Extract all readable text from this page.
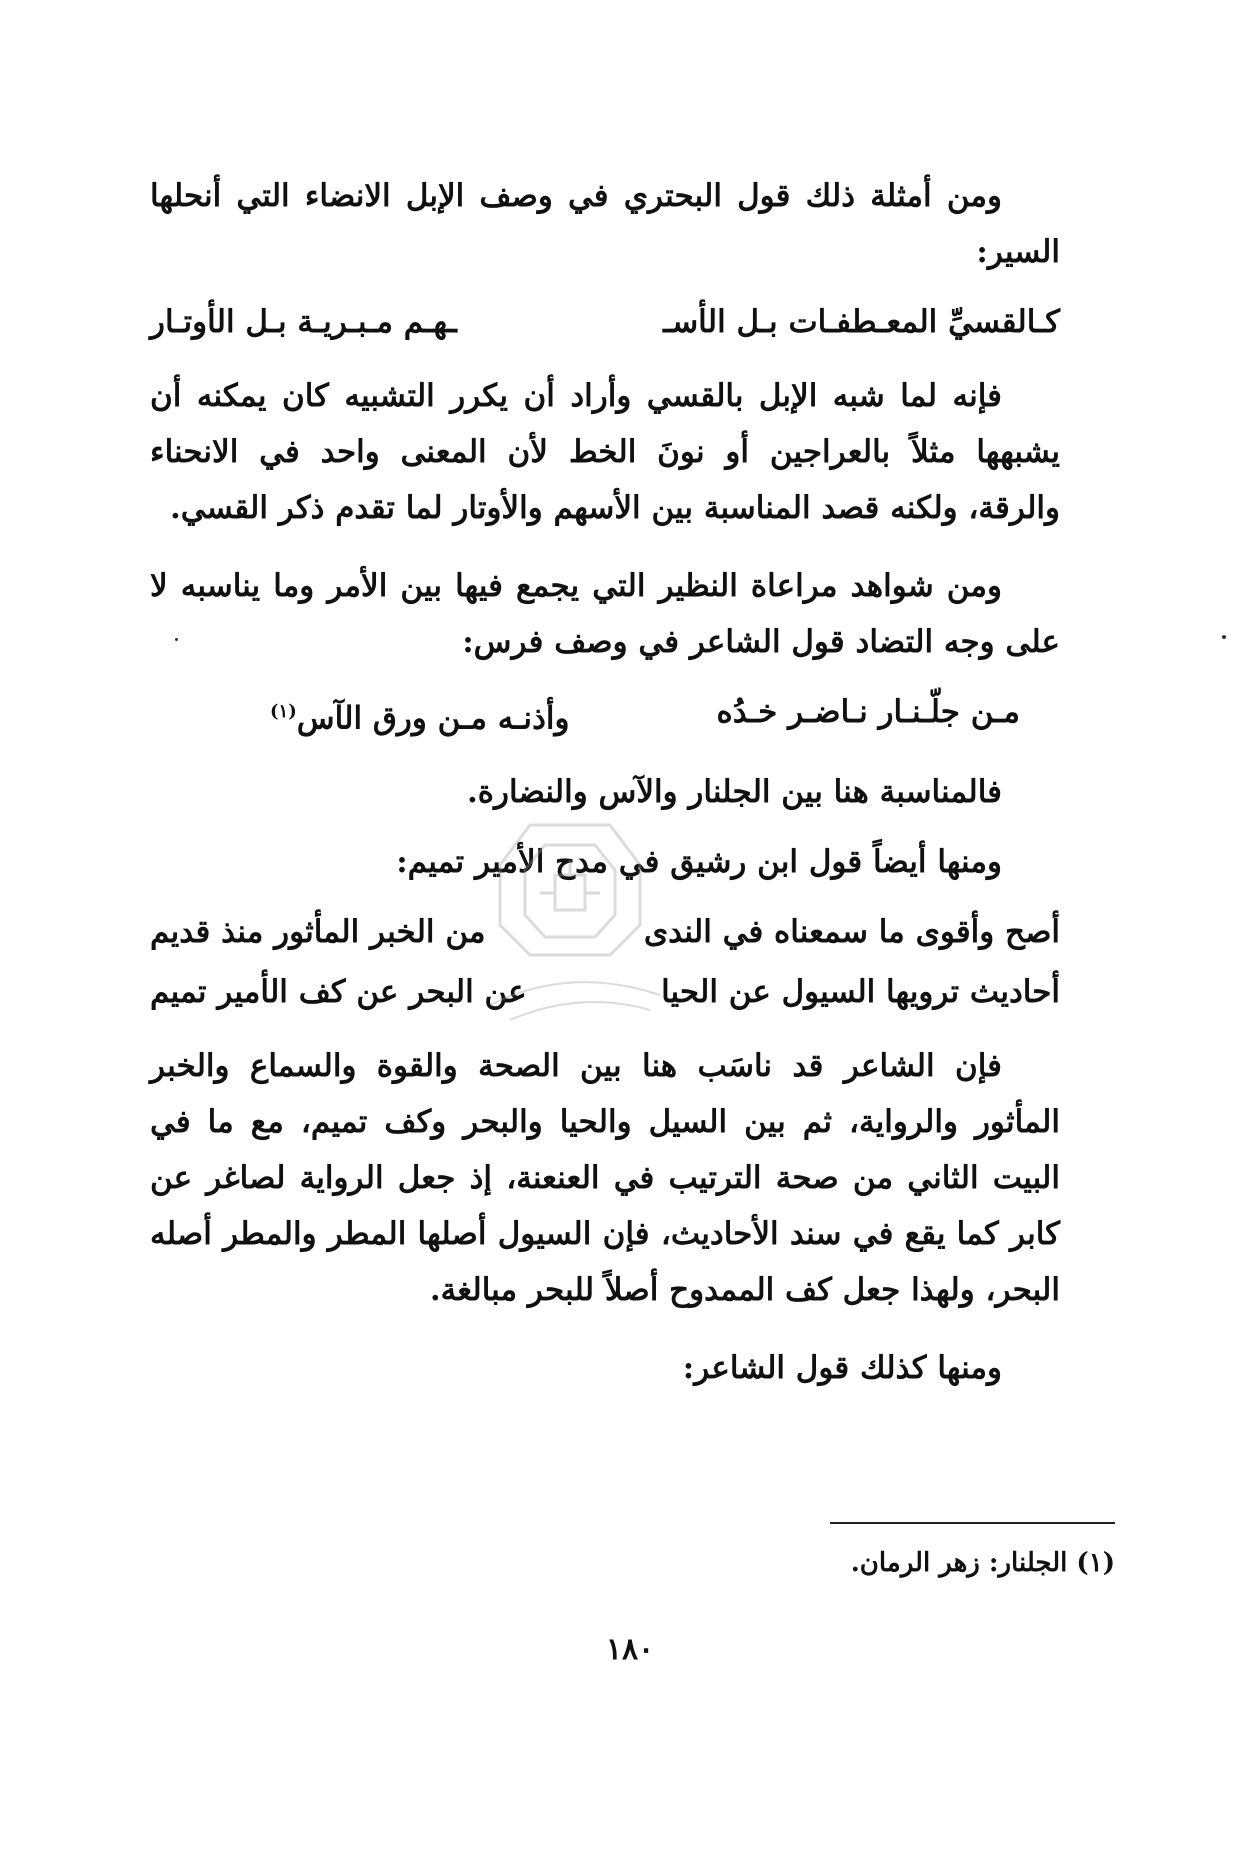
ومن أمثلة ذلك قول البحتري في وصف الإبل الانضاء التي أنحلها السير:

كـالقسيِّ المعـطفـات بـل الأسـ
ـهـم مـبـريـة بـل الأوتـار

فإنه لما شبه الإبل بالقسي وأراد أن يكرر التشبيه كان يمكنه أن يشبهها مثلاً بالعراجين أو نونَ الخط لأن المعنى واحد في الانحناء والرقة، ولكنه قصد المناسبة بين الأسهم والأوتار لما تقدم ذكر القسي.

ومن شواهد مراعاة النظير التي يجمع فيها بين الأمر وما يناسبه لا على وجه التضاد قول الشاعر في وصف فرس:

مـن جلّـنـار نـاضـر خـدُه
وأذنـه مـن ورق الآس$^{(١)}$

فالمناسبة هنا بين الجلنار والآس والنضارة.

ومنها أيضاً قول ابن رشيق في مدح الأمير تميم:

أصح وأقوى ما سمعناه في الندى
من الخبر المأثور منذ قديم
أحاديث ترويها السيول عن الحيا
عن البحر عن كف الأمير تميم

فإن الشاعر قد ناسَب هنا بين الصحة والقوة والسماع والخبر المأثور والرواية، ثم بين السيل والحيا والبحر وكف تميم، مع ما في البيت الثاني من صحة الترتيب في العنعنة، إذ جعل الرواية لصاغر عن كابر كما يقع في سند الأحاديث، فإن السيول أصلها المطر والمطر أصله البحر، ولهذا جعل كف الممدوح أصلاً للبحر مبالغة.

ومنها كذلك قول الشاعر:

(١) الجلنار: زهر الرمان.
١٨٠
